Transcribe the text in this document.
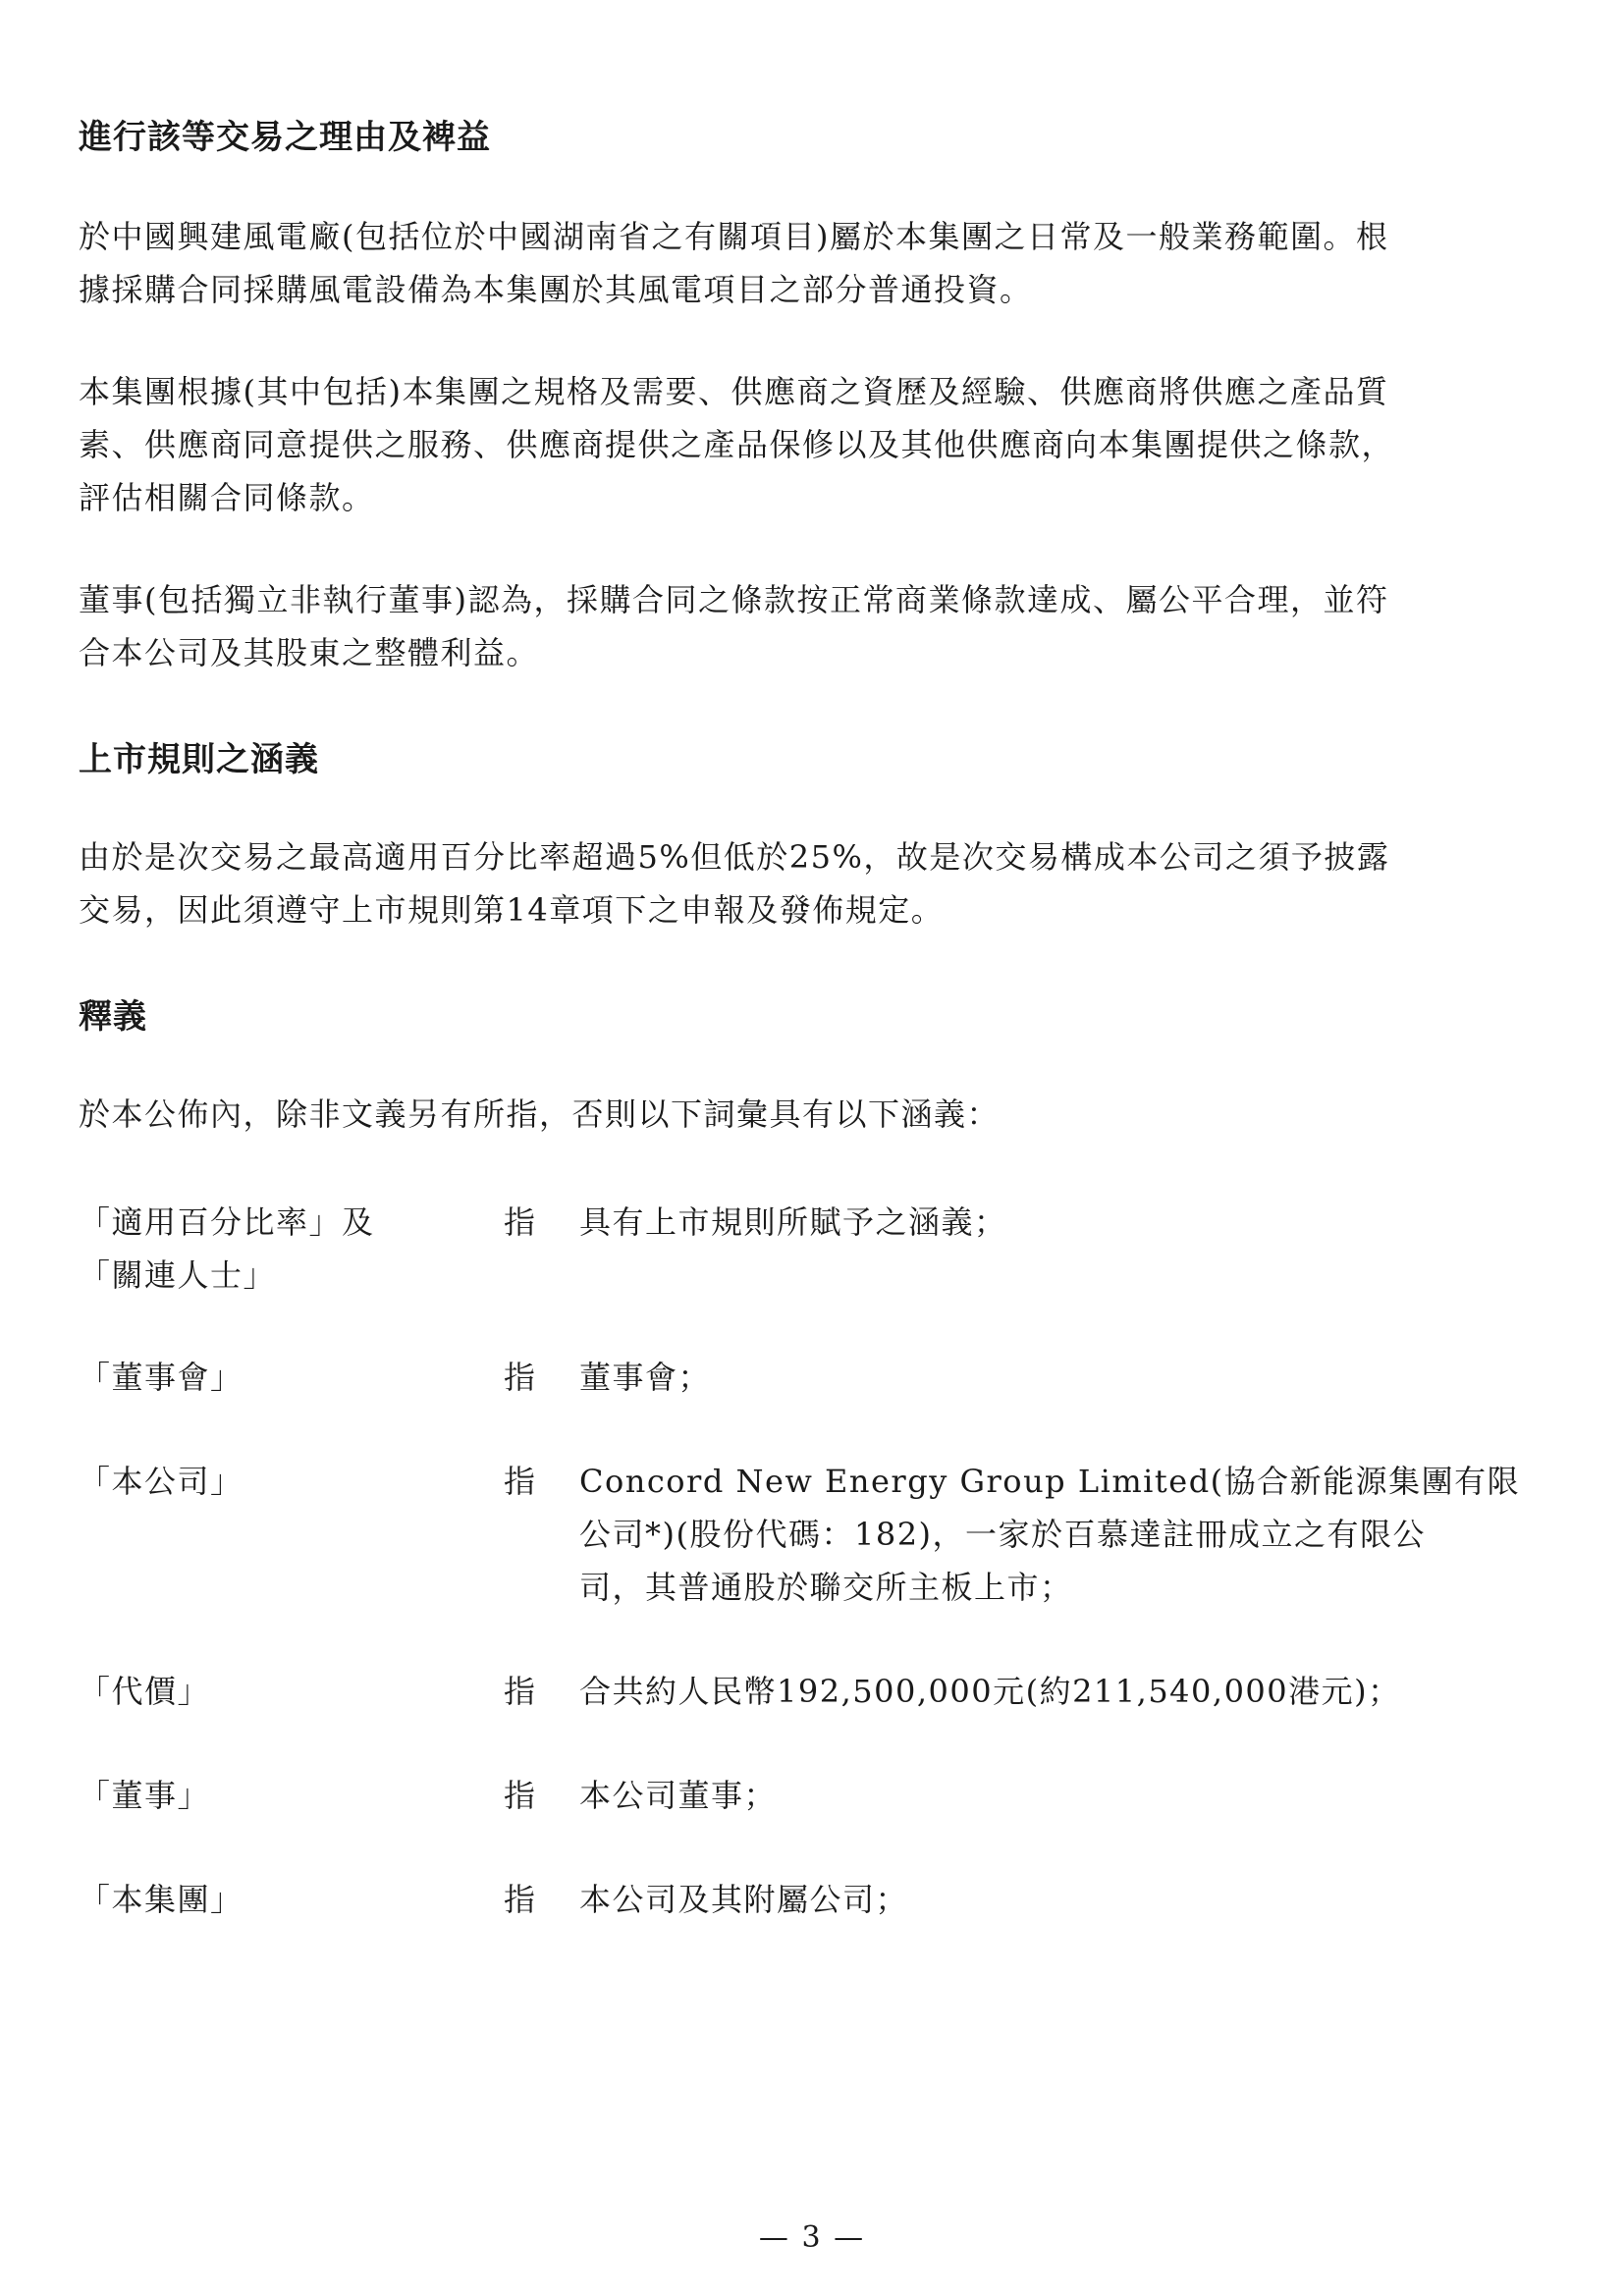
進行該等交易之理由及裨益
於中國興建風電廠(包括位於中國湖南省之有關項目)屬於本集團之日常及一般業務範圍。根
據採購合同採購風電設備為本集團於其風電項目之部分普通投資。
本集團根據(其中包括)本集團之規格及需要、供應商之資歷及經驗、供應商將供應之產品質
素、供應商同意提供之服務、供應商提供之產品保修以及其他供應商向本集團提供之條款，
評估相關合同條款。
董事(包括獨立非執行董事)認為，採購合同之條款按正常商業條款達成、屬公平合理，並符
合本公司及其股東之整體利益。
上市規則之涵義
由於是次交易之最高適用百分比率超過5%但低於25%，故是次交易構成本公司之須予披露
交易，因此須遵守上市規則第14章項下之申報及發佈規定。
釋義
於本公佈內，除非文義另有所指，否則以下詞彙具有以下涵義：
「適用百分比率」及
「關連人士」
指 具有上市規則所賦予之涵義；
「董事會」	指 董事會；
「本公司」	指 Concord New Energy Group Limited(協合新能源集團有限
公司*)(股份代碼：182)，一家於百慕達註冊成立之有限公
司，其普通股於聯交所主板上市；
「代價」	指 合共約人民幣192,500,000元(約211,540,000港元)；
「董事」	指 本公司董事；
「本集團」	指 本公司及其附屬公司；
— 3 —
